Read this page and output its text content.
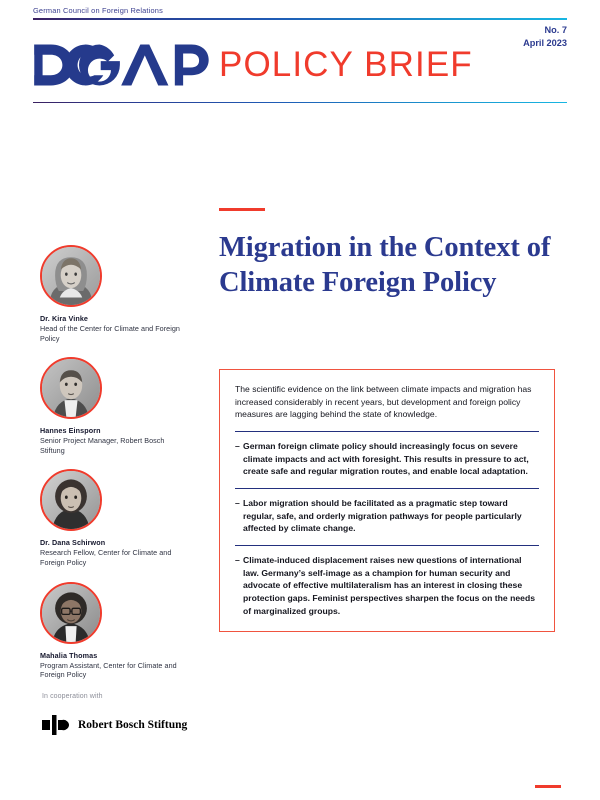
German Council on Foreign Relations
No. 7
April 2023
POLICY BRIEF
Dr. Kira Vinke
Head of the Center for Climate and Foreign Policy
Hannes Einsporn
Senior Project Manager, Robert Bosch Stiftung
Dr. Dana Schirwon
Research Fellow, Center for Climate and Foreign Policy
Mahalia Thomas
Program Assistant, Center for Climate and Foreign Policy
In cooperation with
Robert Bosch Stiftung
Migration in the Context of Climate Foreign Policy

The scientific evidence on the link between climate impacts and migration has increased considerably in recent years, but development and foreign policy measures are lagging behind the state of knowledge.

– German foreign climate policy should increasingly focus on severe climate impacts and act with foresight. This results in pressure to act, create safe and regular migration routes, and enable local adaptation.
– Labor migration should be facilitated as a pragmatic step toward regular, safe, and orderly migration pathways for people particularly affected by climate change.
– Climate-induced displacement raises new questions of international law. Germany’s self-image as a champion for human security and advocate of effective multilateralism has an interest in closing these protection gaps. Feminist perspectives sharpen the focus on the needs of marginalized groups.
